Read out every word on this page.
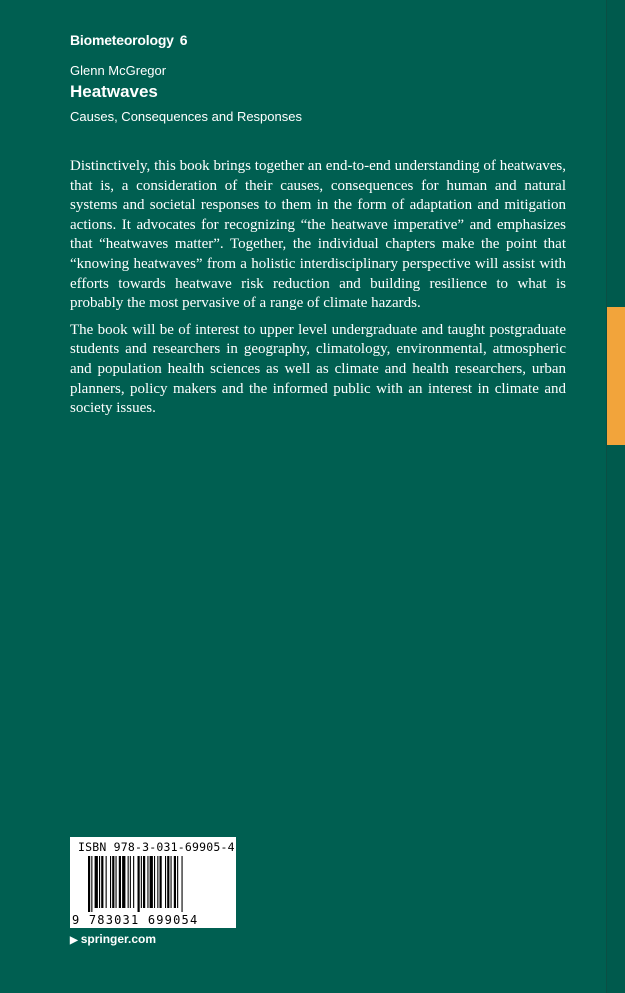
Biometeorology 6
Glenn McGregor
Heatwaves
Causes, Consequences and Responses

Distinctively, this book brings together an end-to-end understanding of heatwaves, that is, a consideration of their causes, consequences for human and natural systems and societal responses to them in the form of adaptation and mitigation actions. It advocates for recognizing “the heatwave imperative” and emphasizes that “heatwaves matter”. Together, the individual chapters make the point that “knowing heatwaves” from a holistic interdisciplinary perspective will assist with efforts towards heatwave risk reduction and building resilience to what is probably the most pervasive of a range of climate hazards.

The book will be of interest to upper level undergraduate and taught postgraduate students and researchers in geography, climatology, environmental, atmospheric and population health sciences as well as climate and health researchers, urban planners, policy makers and the informed public with an interest in climate and society issues.

ISBN 978-3-031-69905-4
9 783031 699054
▶ springer.com
